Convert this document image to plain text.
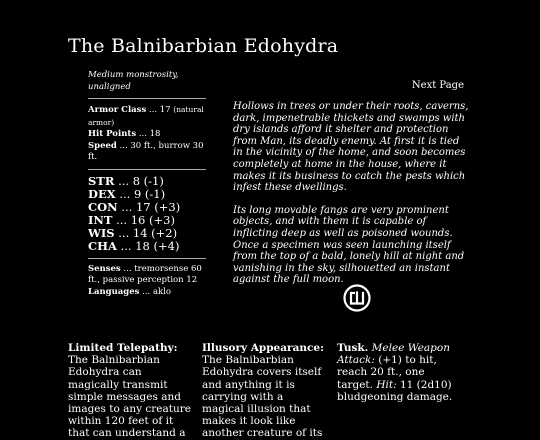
The Balnibarbian Edohydra
Next Page
Medium monstrosity, unaligned
Armor Class ... 17 (natural armor)
Hit Points ... 18
Speed ... 30 ft., burrow 30 ft.
STR ... 8 (-1)
DEX ... 9 (-1)
CON ... 17 (+3)
INT ... 16 (+3)
WIS ... 14 (+2)
CHA ... 18 (+4)
Senses ... tremorsense 60 ft., passive perception 12
Languages ... aklo

Hollows in trees or under their roots, caverns, dark, impenetrable thickets and swamps with dry islands afford it shelter and protection from Man, its deadly enemy. At first it is tied in the vicinity of the home, and soon becomes completely at home in the house, where it makes it its business to catch the pests which infest these dwellings.

Its long movable fangs are very prominent objects, and with them it is capable of inflicting deep as well as poisoned wounds. Once a specimen was seen launching itself from the top of a bald, lonely hill at night and vanishing in the sky, silhouetted an instant against the full moon.

Limited Telepathy: The Balnibarbian Edohydra can magically transmit simple messages and images to any creature within 120 feet of it that can understand a
Illusory Appearance: The Balnibarbian Edohydra covers itself and anything it is carrying with a magical illusion that makes it look like another creature of its
Tusk. Melee Weapon Attack: (+1) to hit, reach 20 ft., one target. Hit: 11 (2d10) bludgeoning damage.
